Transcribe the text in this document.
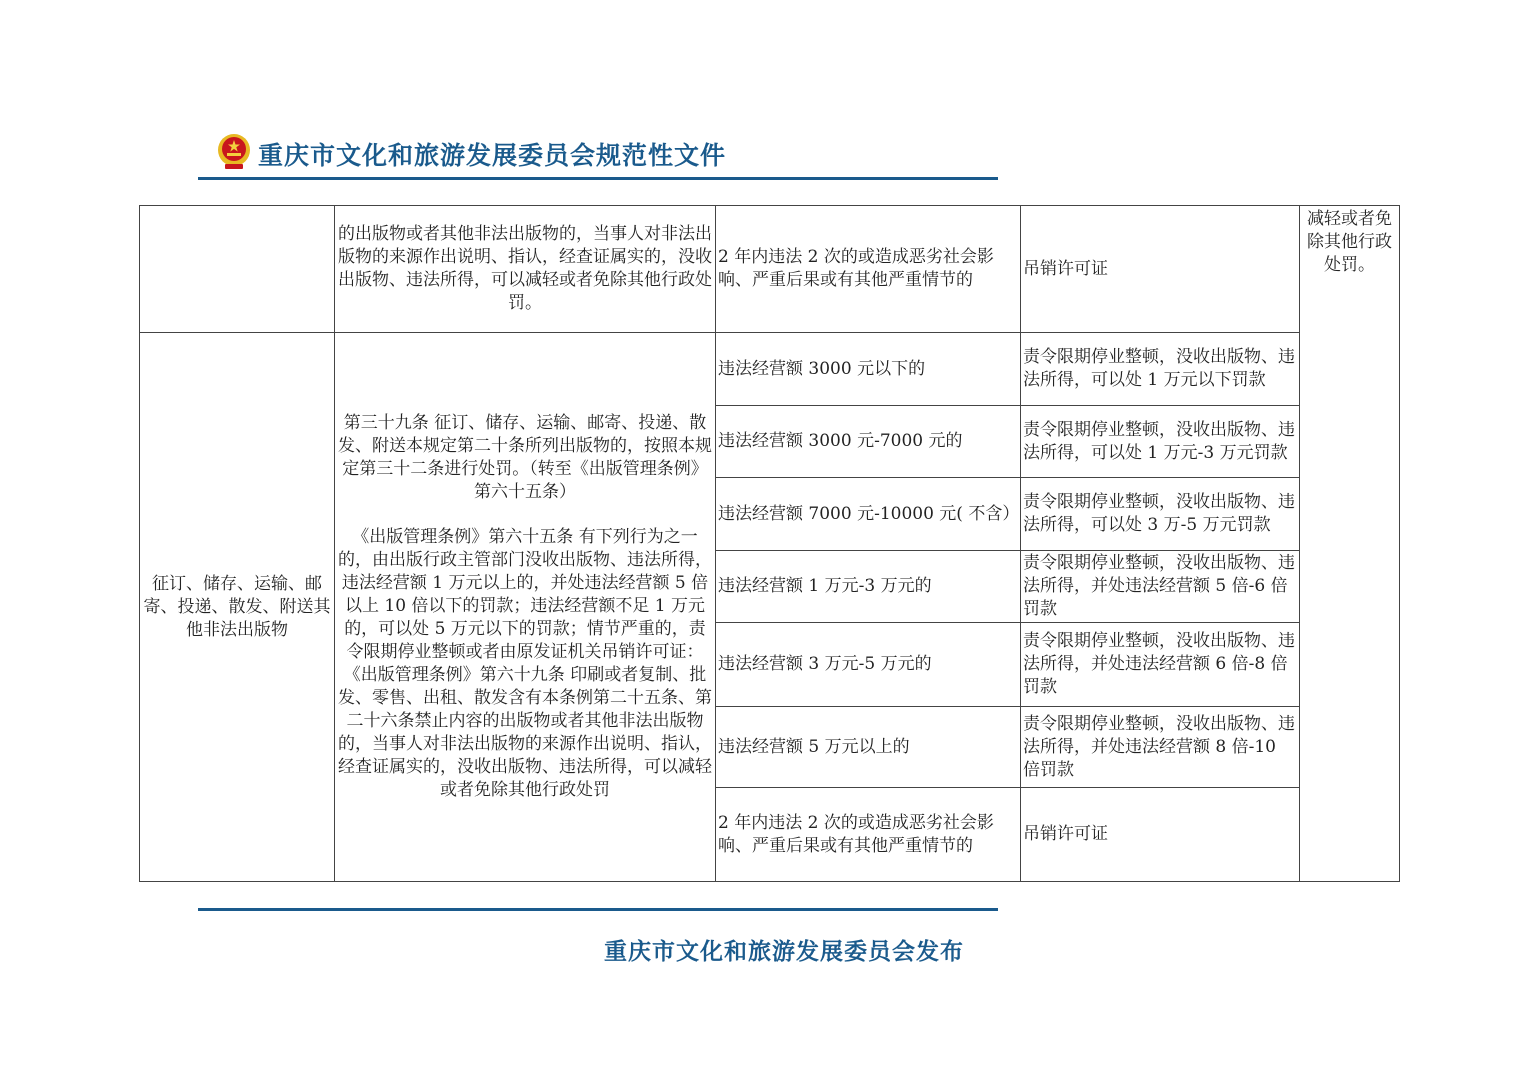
重庆市文化和旅游发展委员会规范性文件
	的出版物或者其他非法出版物的，当事人对非法出版物的来源作出说明、指认，经查证属实的，没收出版物、违法所得，可以减轻或者免除其他行政处罚。	2 年内违法 2 次的或造成恶劣社会影响、严重后果或有其他严重情节的	吊销许可证	减轻或者免除其他行政处罚。
征订、储存、运输、邮寄、投递、散发、附送其他非法出版物	第三十九条 征订、储存、运输、邮寄、投递、散发、附送本规定第二十条所列出版物的，按照本规定第三十二条进行处罚。（转至《出版管理条例》第六十五条）

《出版管理条例》第六十五条 有下列行为之一的，由出版行政主管部门没收出版物、违法所得，违法经营额 1 万元以上的，并处违法经营额 5 倍以上 10 倍以下的罚款；违法经营额不足 1 万元的，可以处 5 万元以下的罚款；情节严重的，责令限期停业整顿或者由原发证机关吊销许可证：

《出版管理条例》第六十九条 印刷或者复制、批发、零售、出租、散发含有本条例第二十五条、第二十六条禁止内容的出版物或者其他非法出版物的，当事人对非法出版物的来源作出说明、指认，经查证属实的，没收出版物、违法所得，可以减轻或者免除其他行政处罚	违法经营额 3000 元以下的	责令限期停业整顿，没收出版物、违法所得，可以处 1 万元以下罚款	
		违法经营额 3000 元-7000 元的	责令限期停业整顿，没收出版物、违法所得，可以处 1 万元-3 万元罚款	
		违法经营额 7000 元-10000 元( 不含）	责令限期停业整顿，没收出版物、违法所得，可以处 3 万-5 万元罚款	
		违法经营额 1 万元-3 万元的	责令限期停业整顿，没收出版物、违法所得，并处违法经营额 5 倍-6 倍罚款	
		违法经营额 3 万元-5 万元的	责令限期停业整顿，没收出版物、违法所得，并处违法经营额 6 倍-8 倍罚款	
		违法经营额 5 万元以上的	责令限期停业整顿，没收出版物、违法所得，并处违法经营额 8 倍-10 倍罚款	
		2 年内违法 2 次的或造成恶劣社会影响、严重后果或有其他严重情节的	吊销许可证	
重庆市文化和旅游发展委员会发布
